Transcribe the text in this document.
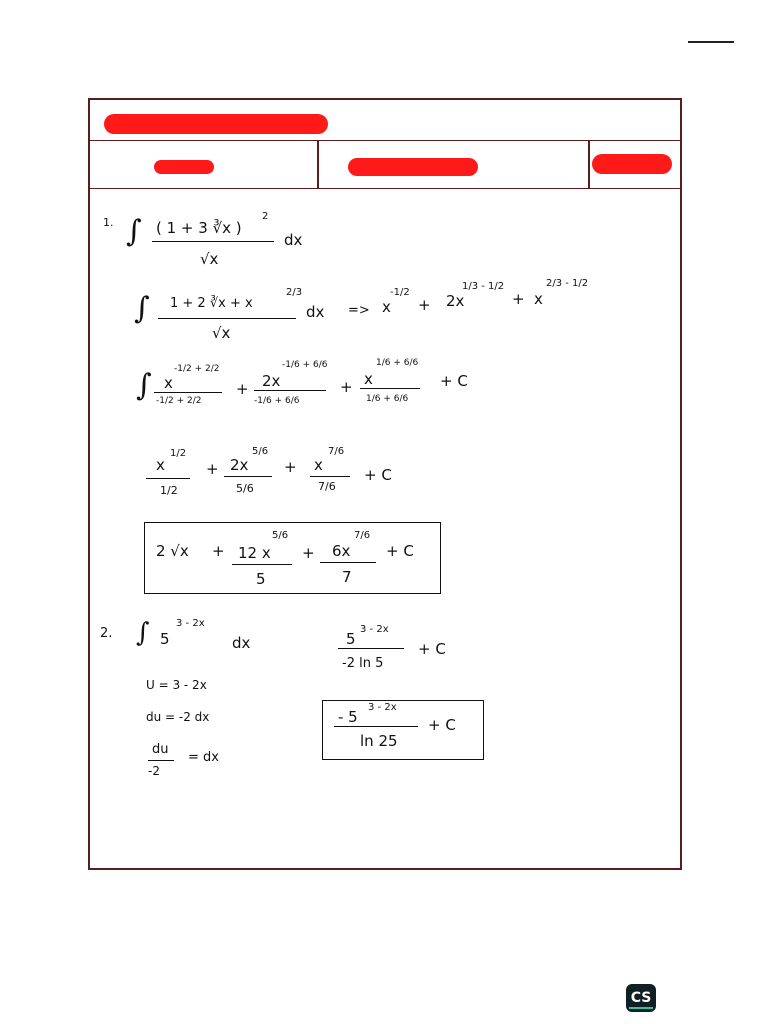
1. ∫ ( 1 + 3 ∛x )
2
√x
dx
∫ 1 + 2 ∛x + x
2/3
√x
dx => x
-1/2
+ 2x
1/3 - 1/2
+ x
2/3 - 1/2
∫ x
-1/2 + 2/2
-1/2 + 2/2
+ 2x
-1/6 + 6/6
-1/6 + 6/6
+ x
1/6 + 6/6
1/6 + 6/6
+ C
x
1/2
1/2
+ 2x
5/6
5/6
+ x
7/6
7/6
+ C
2 √x + 12 x
5/6
5
+ 6x
7/6
7
+ C
2. ∫ 5
3 - 2x
dx	5
3 - 2x
-2 ln 5
+ C
U = 3 - 2x
du = -2 dx
du
-2
= dx
- 5
3 - 2x
ln 25
+ C
CS
